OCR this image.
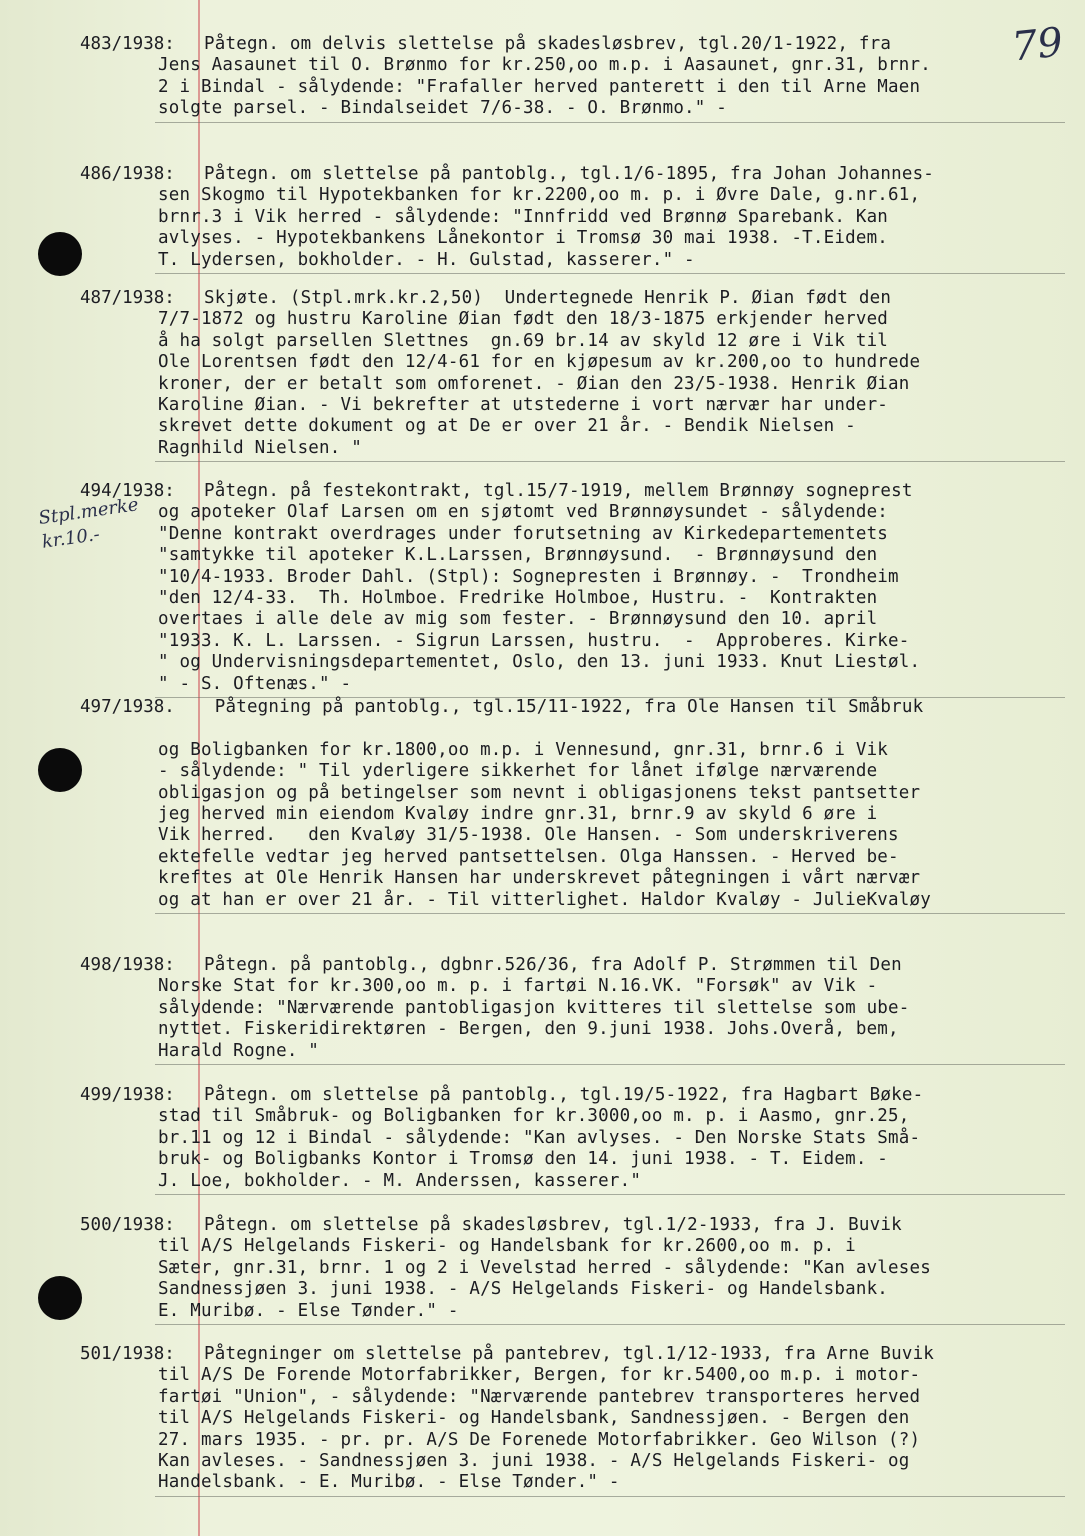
79
Stpl.merke
kr.10.-
483/1938: Påtegn. om delvis slettelse på skadesløsbrev, tgl.20/1-1922, fra
Jens Aasaunet til O. Brønmo for kr.250,oo m.p. i Aasaunet, gnr.31, brnr.
2 i Bindal - sålydende: "Frafaller herved panterett i den til Arne Maen
solgte parsel. - Bindalseidet 7/6-38. - O. Brønmo." -
486/1938: Påtegn. om slettelse på pantoblg., tgl.1/6-1895, fra Johan Johannes-
sen Skogmo til Hypotekbanken for kr.2200,oo m. p. i Øvre Dale, g.nr.61,
brnr.3 i Vik herred - sålydende: "Innfridd ved Brønnø Sparebank. Kan
avlyses. - Hypotekbankens Lånekontor i Tromsø 30 mai 1938. -T.Eidem.
T. Lydersen, bokholder. - H. Gulstad, kasserer." -
487/1938: Skjøte. (Stpl.mrk.kr.2,50)  Undertegnede Henrik P. Øian født den
7/7-1872 og hustru Karoline Øian født den 18/3-1875 erkjender herved
å ha solgt parsellen Slettnes  gn.69 br.14 av skyld 12 øre i Vik til
Ole Lorentsen født den 12/4-61 for en kjøpesum av kr.200,oo to hundrede
kroner, der er betalt som omforenet. - Øian den 23/5-1938. Henrik Øian
Karoline Øian. - Vi bekrefter at utstederne i vort nærvær har under-
skrevet dette dokument og at De er over 21 år. - Bendik Nielsen -
Ragnhild Nielsen. "
494/1938: Påtegn. på festekontrakt, tgl.15/7-1919, mellem Brønnøy sogneprest
og apoteker Olaf Larsen om en sjøtomt ved Brønnøysundet - sålydende:
"Denne kontrakt overdrages under forutsetning av Kirkedepartementets
"samtykke til apoteker K.L.Larssen, Brønnøysund.  - Brønnøysund den
"10/4-1933. Broder Dahl. (Stpl): Sognepresten i Brønnøy. -  Trondheim
"den 12/4-33.  Th. Holmboe. Fredrike Holmboe, Hustru. -  Kontrakten
overtaes i alle dele av mig som fester. - Brønnøysund den 10. april
"1933. K. L. Larssen. - Sigrun Larssen, hustru.  -  Approberes. Kirke-
" og Undervisningsdepartementet, Oslo, den 13. juni 1933. Knut Liestøl.
" - S. Oftenæs." -
497/1938. Påtegning på pantoblg., tgl.15/11-1922, fra Ole Hansen til Småbruk
og Boligbanken for kr.1800,oo m.p. i Vennesund, gnr.31, brnr.6 i Vik
- sålydende: " Til yderligere sikkerhet for lånet ifølge nærværende
obligasjon og på betingelser som nevnt i obligasjonens tekst pantsetter
jeg herved min eiendom Kvaløy indre gnr.31, brnr.9 av skyld 6 øre i
Vik herred.   den Kvaløy 31/5-1938. Ole Hansen. - Som underskriverens
ektefelle vedtar jeg herved pantsettelsen. Olga Hanssen. - Herved be-
kreftes at Ole Henrik Hansen har underskrevet påtegningen i vårt nærvær
og at han er over 21 år. - Til vitterlighet. Haldor Kvaløy - JulieKvaløy
498/1938: Påtegn. på pantoblg., dgbnr.526/36, fra Adolf P. Strømmen til Den
Norske Stat for kr.300,oo m. p. i fartøi N.16.VK. "Forsøk" av Vik -
sålydende: "Nærværende pantobligasjon kvitteres til slettelse som ube-
nyttet. Fiskeridirektøren - Bergen, den 9.juni 1938. Johs.Overå, bem,
Harald Rogne. "
499/1938: Påtegn. om slettelse på pantoblg., tgl.19/5-1922, fra Hagbart Bøke-
stad til Småbruk- og Boligbanken for kr.3000,oo m. p. i Aasmo, gnr.25,
br.11 og 12 i Bindal - sålydende: "Kan avlyses. - Den Norske Stats Små-
bruk- og Boligbanks Kontor i Tromsø den 14. juni 1938. - T. Eidem. -
J. Loe, bokholder. - M. Anderssen, kasserer."
500/1938: Påtegn. om slettelse på skadesløsbrev, tgl.1/2-1933, fra J. Buvik
til A/S Helgelands Fiskeri- og Handelsbank for kr.2600,oo m. p. i
Sæter, gnr.31, brnr. 1 og 2 i Vevelstad herred - sålydende: "Kan avleses
Sandnessjøen 3. juni 1938. - A/S Helgelands Fiskeri- og Handelsbank.
E. Muribø. - Else Tønder." -
501/1938: Påtegninger om slettelse på pantebrev, tgl.1/12-1933, fra Arne Buvik
til A/S De Forende Motorfabrikker, Bergen, for kr.5400,oo m.p. i motor-
fartøi "Union", - sålydende: "Nærværende pantebrev transporteres herved
til A/S Helgelands Fiskeri- og Handelsbank, Sandnessjøen. - Bergen den
27. mars 1935. - pr. pr. A/S De Forenede Motorfabrikker. Geo Wilson (?)
Kan avleses. - Sandnessjøen 3. juni 1938. - A/S Helgelands Fiskeri- og
Handelsbank. - E. Muribø. - Else Tønder." -
